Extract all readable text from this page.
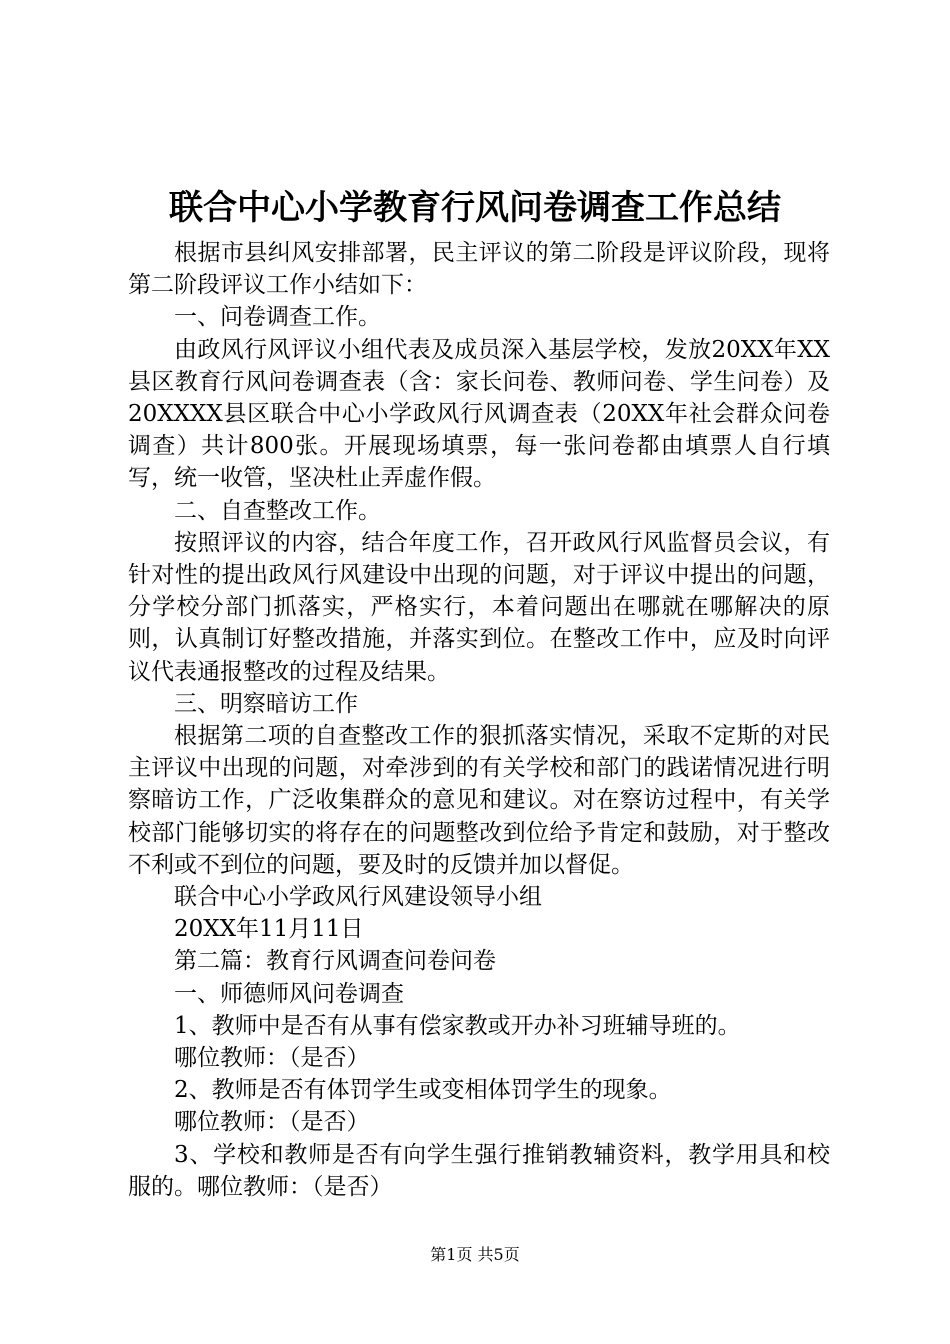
联合中心小学教育行风问卷调查工作总结

根据市县纠风安排部署，民主评议的第二阶段是评议阶段，现将第二阶段评议工作小结如下：

一、问卷调查工作。

由政风行风评议小组代表及成员深入基层学校，发放20XX年XX县区教育行风问卷调查表（含：家长问卷、教师问卷、学生问卷）及20XXXX县区联合中心小学政风行风调查表（20XX年社会群众问卷调查）共计800张。开展现场填票，每一张问卷都由填票人自行填写，统一收管，坚决杜止弄虚作假。

二、自查整改工作。

按照评议的内容，结合年度工作，召开政风行风监督员会议，有针对性的提出政风行风建设中出现的问题，对于评议中提出的问题，分学校分部门抓落实，严格实行，本着问题出在哪就在哪解决的原则，认真制订好整改措施，并落实到位。在整改工作中，应及时向评议代表通报整改的过程及结果。

三、明察暗访工作

根据第二项的自查整改工作的狠抓落实情况，采取不定斯的对民主评议中出现的问题，对牵涉到的有关学校和部门的践诺情况进行明察暗访工作，广泛收集群众的意见和建议。对在察访过程中，有关学校部门能够切实的将存在的问题整改到位给予肯定和鼓励，对于整改不利或不到位的问题，要及时的反馈并加以督促。

联合中心小学政风行风建设领导小组

20XX年11月11日

第二篇：教育行风调查问卷问卷

一、师德师风问卷调查

1、教师中是否有从事有偿家教或开办补习班辅导班的。

哪位教师：（是否）

2、教师是否有体罚学生或变相体罚学生的现象。

哪位教师：（是否）

3、学校和教师是否有向学生强行推销教辅资料，教学用具和校服的。哪位教师：（是否）

第1页 共5页
